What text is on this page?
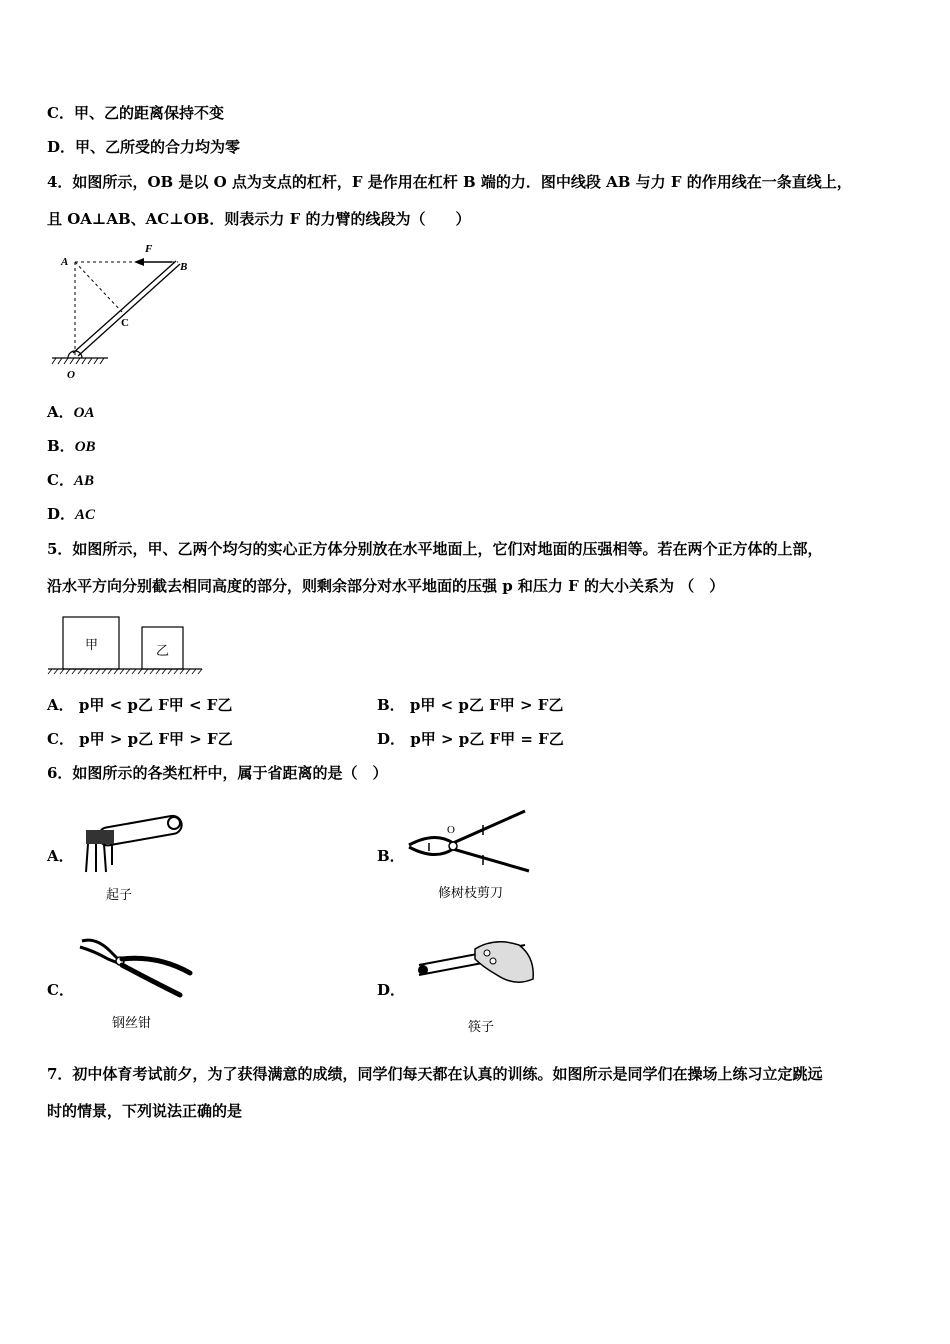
C．甲、乙的距离保持不变
D．甲、乙所受的合力均为零
4．如图所示，OB 是以 O 点为支点的杠杆，F 是作用在杠杆 B 端的力．图中线段 AB 与力 F 的作用线在一条直线上，
且 OA⊥AB、AC⊥OB．则表示力 F 的力臂的线段为（　　）
A	B
C
F
O
A．OA
B．OB
C．AB
D．AC
5．如图所示，甲、乙两个均匀的实心正方体分别放在水平地面上，它们对地面的压强相等。若在两个正方体的上部，
沿水平方向分别截去相同高度的部分，则剩余部分对水平地面的压强 p 和压力 F 的大小关系为 （　）
甲	乙
A． p甲 < p乙 F甲 < F乙	B． p甲 < p乙 F甲 > F乙
C． p甲 > p乙 F甲 > F乙	D． p甲 > p乙 F甲 = F乙
6．如图所示的各类杠杆中，属于省距离的是（　）
A．
起子
B．
O
修树枝剪刀
C．
钢丝钳
D．
筷子
7．初中体育考试前夕，为了获得满意的成绩，同学们每天都在认真的训练。如图所示是同学们在操场上练习立定跳远
时的情景，下列说法正确的是
